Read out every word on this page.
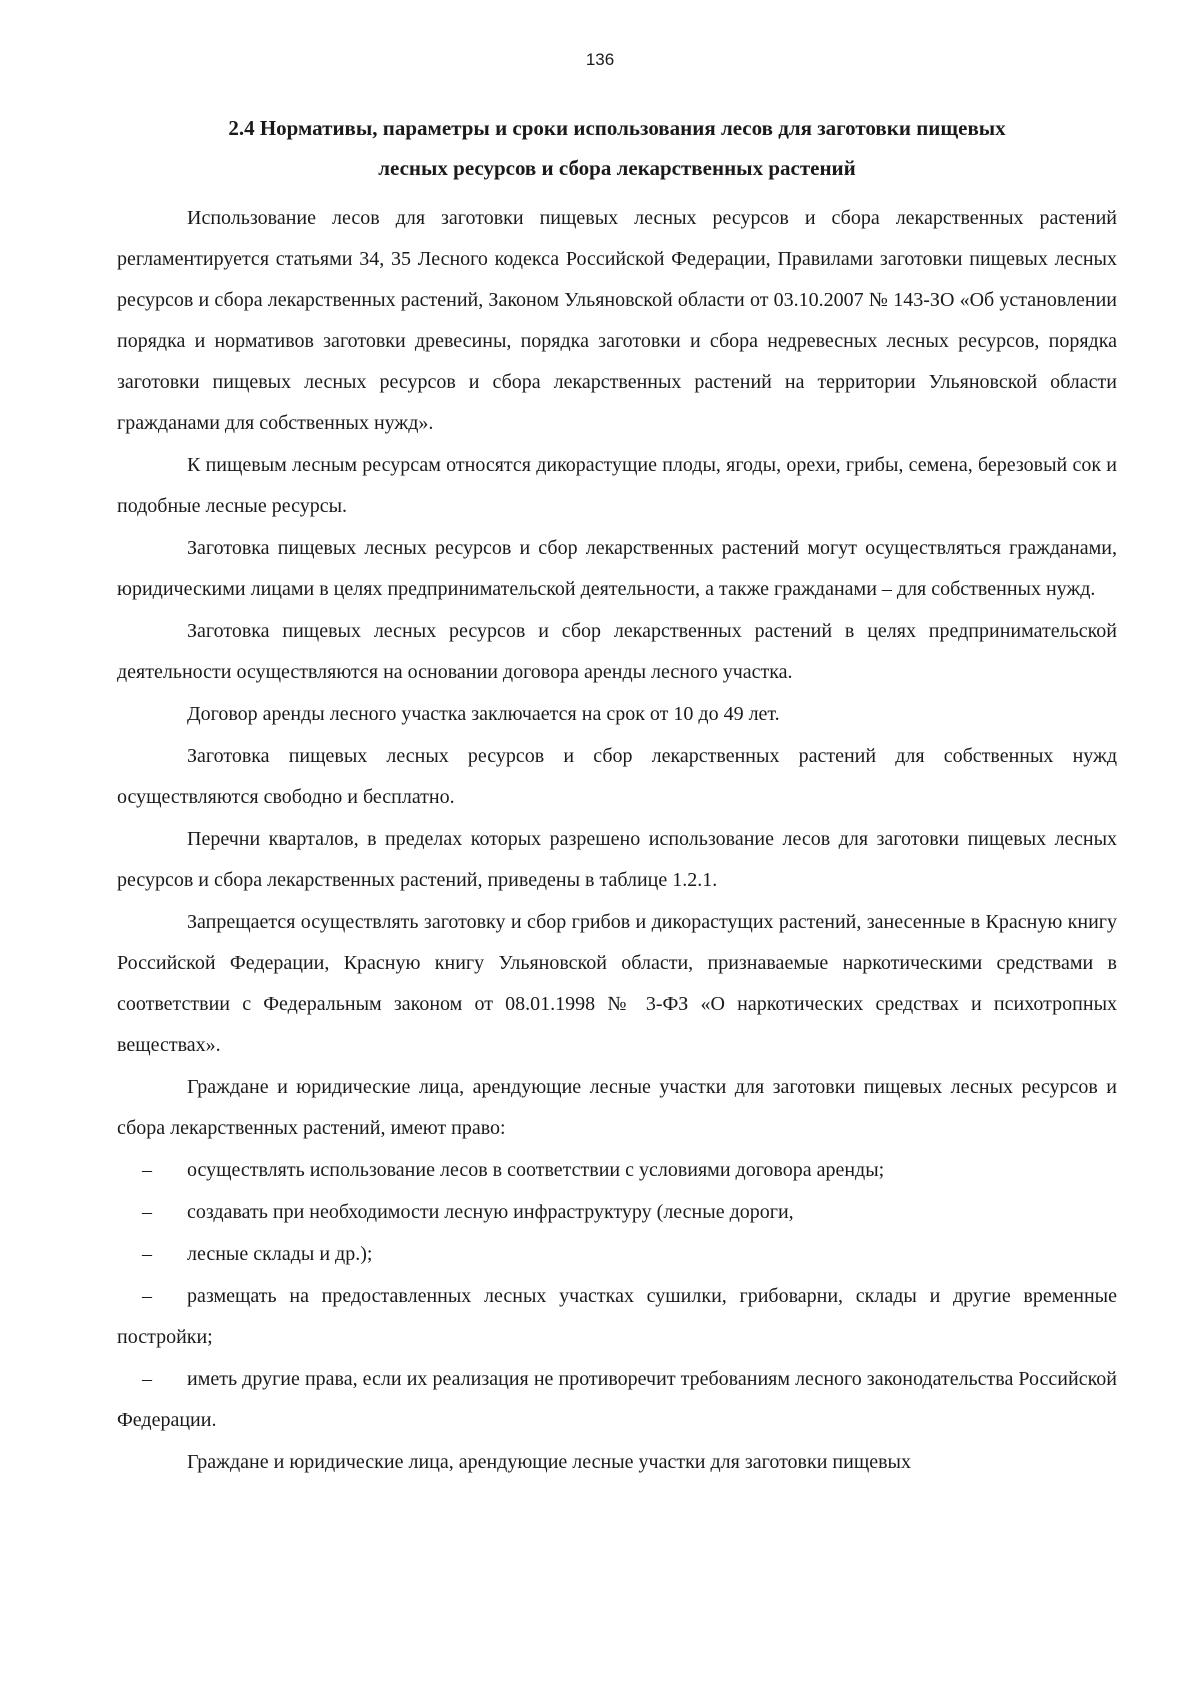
136
2.4 Нормативы, параметры и сроки использования лесов для заготовки пищевых
лесных ресурсов и сбора лекарственных растений

Использование лесов для заготовки пищевых лесных ресурсов и сбора лекарственных растений регламентируется статьями 34, 35 Лесного кодекса Российской Федерации, Правилами заготовки пищевых лесных ресурсов и сбора лекарственных растений, Законом Ульяновской области от 03.10.2007 № 143-ЗО «Об установлении порядка и нормативов заготовки древесины, порядка заготовки и сбора недревесных лесных ресурсов, порядка заготовки пищевых лесных ресурсов и сбора лекарственных растений на территории Ульяновской области гражданами для собственных нужд».

К пищевым лесным ресурсам относятся дикорастущие плоды, ягоды, орехи, грибы, семена, березовый сок и подобные лесные ресурсы.

Заготовка пищевых лесных ресурсов и сбор лекарственных растений могут осуществляться гражданами, юридическими лицами в целях предпринимательской деятельности, а также гражданами – для собственных нужд.

Заготовка пищевых лесных ресурсов и сбор лекарственных растений в целях предпринимательской деятельности осуществляются на основании договора аренды лесного участка.

Договор аренды лесного участка заключается на срок от 10 до 49 лет.

Заготовка пищевых лесных ресурсов и сбор лекарственных растений для собственных нужд осуществляются свободно и бесплатно.

Перечни кварталов, в пределах которых разрешено использование лесов для заготовки пищевых лесных ресурсов и сбора лекарственных растений, приведены в таблице 1.2.1.

Запрещается осуществлять заготовку и сбор грибов и дикорастущих растений, занесенные в Красную книгу Российской Федерации, Красную книгу Ульяновской области, признаваемые наркотическими средствами в соответствии с Федеральным законом от 08.01.1998 № 3-ФЗ «О наркотических средствах и психотропных веществах».

Граждане и юридические лица, арендующие лесные участки для заготовки пищевых лесных ресурсов и сбора лекарственных растений, имеют право:

– осуществлять использование лесов в соответствии с условиями договора аренды;

– создавать при необходимости лесную инфраструктуру (лесные дороги,

– лесные склады и др.);

– размещать на предоставленных лесных участках сушилки, грибоварни, склады и другие временные постройки;

– иметь другие права, если их реализация не противоречит требованиям лесного законодательства Российской Федерации.

Граждане и юридические лица, арендующие лесные участки для заготовки пищевых
